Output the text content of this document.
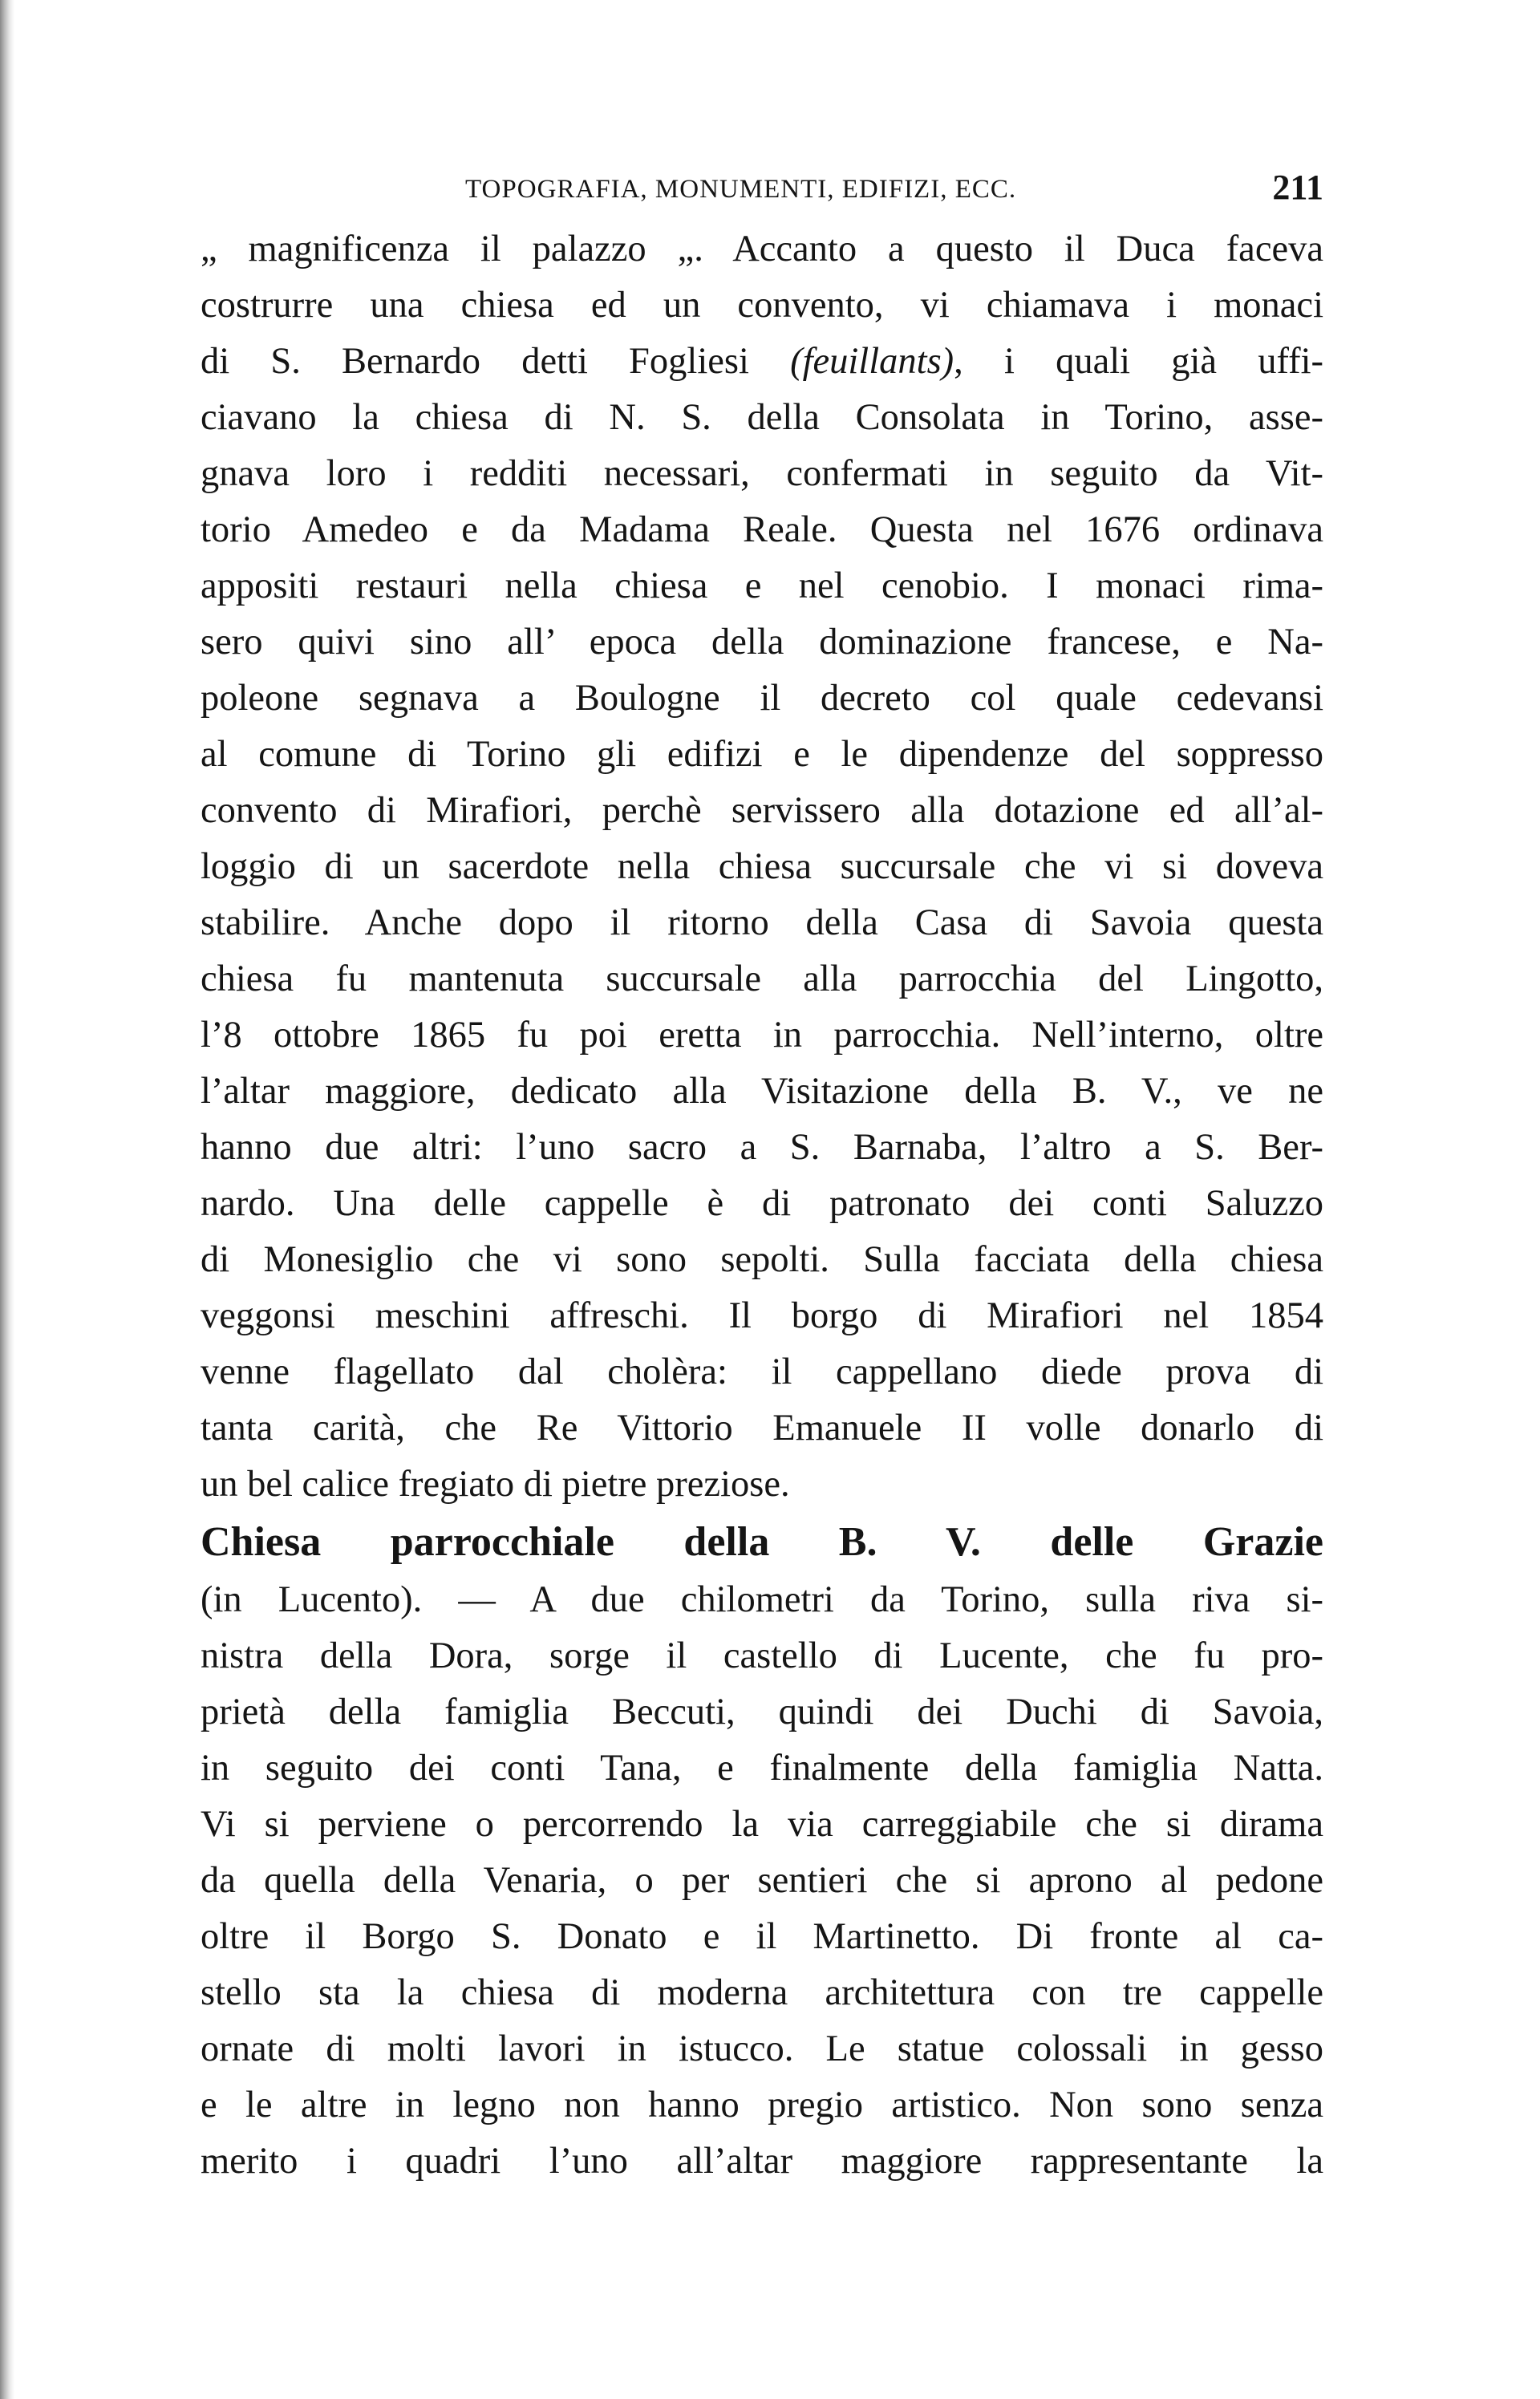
TOPOGRAFIA, MONUMENTI, EDIFIZI, ECC.	211
„ magnificenza il palazzo „. Accanto a questo il Duca faceva
costrurre una chiesa ed un convento, vi chiamava i monaci
di S. Bernardo detti Fogliesi (feuillants), i quali già uffi-
ciavano la chiesa di N. S. della Consolata in Torino, asse-
gnava loro i redditi necessari, confermati in seguito da Vit-
torio Amedeo e da Madama Reale. Questa nel 1676 ordinava
appositi restauri nella chiesa e nel cenobio. I monaci rima-
sero quivi sino all’ epoca della dominazione francese, e Na-
poleone segnava a Boulogne il decreto col quale cedevansi
al comune di Torino gli edifizi e le dipendenze del soppresso
convento di Mirafiori, perchè servissero alla dotazione ed all’al-
loggio di un sacerdote nella chiesa succursale che vi si doveva
stabilire. Anche dopo il ritorno della Casa di Savoia questa
chiesa fu mantenuta succursale alla parrocchia del Lingotto,
l’8 ottobre 1865 fu poi eretta in parrocchia. Nell’interno, oltre
l’altar maggiore, dedicato alla Visitazione della B. V., ve ne
hanno due altri: l’uno sacro a S. Barnaba, l’altro a S. Ber-
nardo. Una delle cappelle è di patronato dei conti Saluzzo
di Monesiglio che vi sono sepolti. Sulla facciata della chiesa
veggonsi meschini affreschi. Il borgo di Mirafiori nel 1854
venne flagellato dal cholèra: il cappellano diede prova di
tanta carità, che Re Vittorio Emanuele II volle donarlo di
un bel calice fregiato di pietre preziose.
Chiesa parrocchiale della B. V. delle Grazie
(in Lucento). — A due chilometri da Torino, sulla riva si-
nistra della Dora, sorge il castello di Lucente, che fu pro-
prietà della famiglia Beccuti, quindi dei Duchi di Savoia,
in seguito dei conti Tana, e finalmente della famiglia Natta.
Vi si perviene o percorrendo la via carreggiabile che si dirama
da quella della Venaria, o per sentieri che si aprono al pedone
oltre il Borgo S. Donato e il Martinetto. Di fronte al ca-
stello sta la chiesa di moderna architettura con tre cappelle
ornate di molti lavori in istucco. Le statue colossali in gesso
e le altre in legno non hanno pregio artistico. Non sono senza
merito i quadri l’uno all’altar maggiore rappresentante la
